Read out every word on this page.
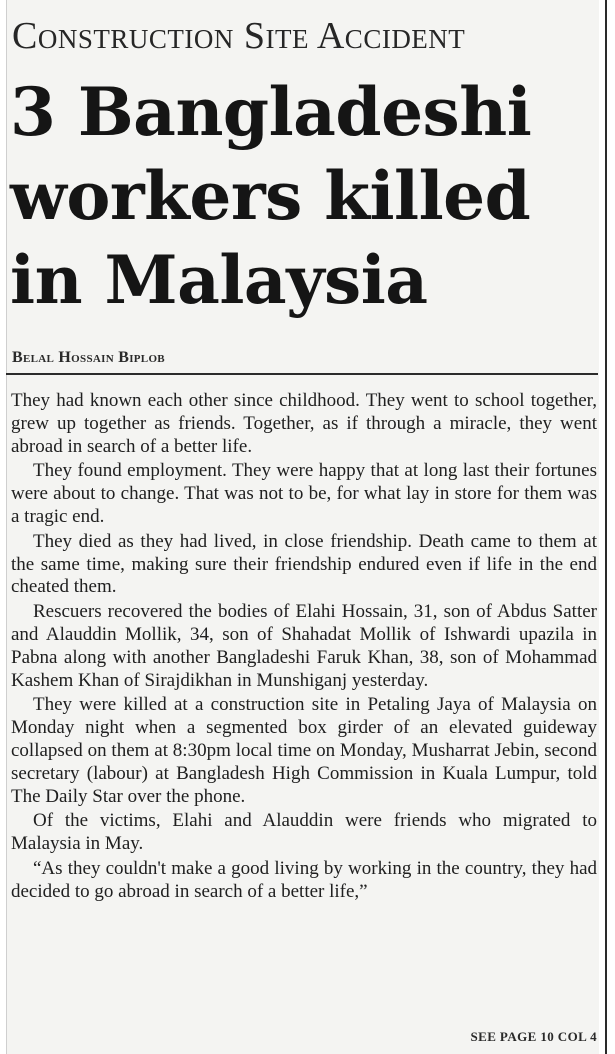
Construction Site Accident
3 Bangladeshi
workers killed
in Malaysia
Belal Hossain Biplob

They had known each other since childhood. They went to school together, grew up together as friends. Together, as if through a miracle, they went abroad in search of a better life.

They found employment. They were happy that at long last their fortunes were about to change. That was not to be, for what lay in store for them was a tragic end.

They died as they had lived, in close friendship. Death came to them at the same time, making sure their friendship endured even if life in the end cheated them.

Rescuers recovered the bodies of Elahi Hossain, 31, son of Abdus Satter and Alauddin Mollik, 34, son of Shahadat Mollik of Ishwardi upazila in Pabna along with another Bangladeshi Faruk Khan, 38, son of Mohammad Kashem Khan of Sirajdikhan in Munshiganj yesterday.

They were killed at a construction site in Petaling Jaya of Malaysia on Monday night when a segmented box girder of an elevated guideway collapsed on them at 8:30pm local time on Monday, Musharrat Jebin, second secretary (labour) at Bangladesh High Commission in Kuala Lumpur, told The Daily Star over the phone.

Of the victims, Elahi and Alauddin were friends who migrated to Malaysia in May.

“As they couldn't make a good living by working in the country, they had decided to go abroad in search of a better life,”

SEE PAGE 10 COL 4
